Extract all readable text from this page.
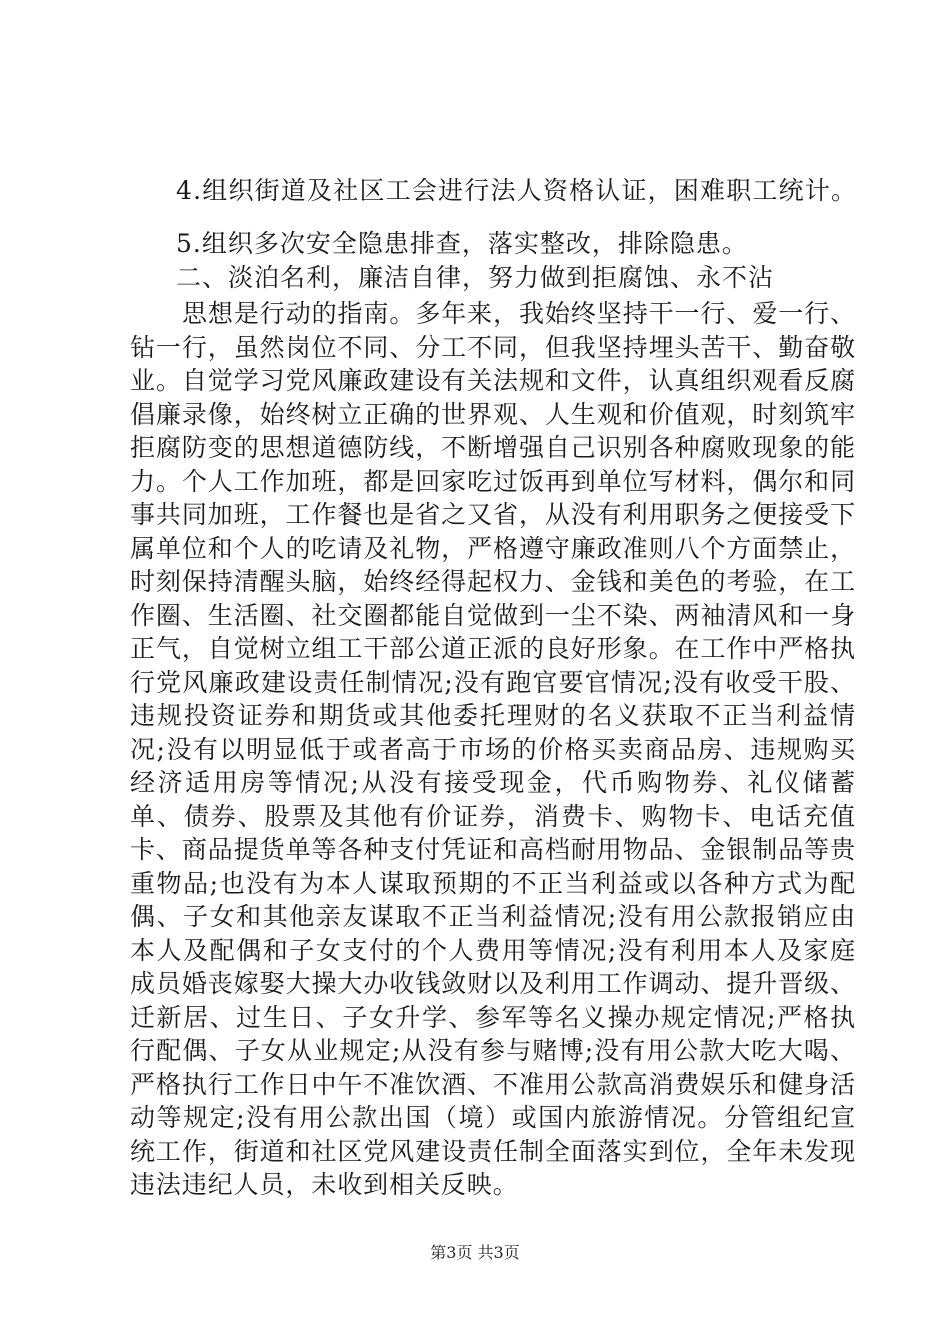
4.组织街道及社区工会进行法人资格认证，困难职工统计。
5.组织多次安全隐患排查，落实整改，排除隐患。
二、淡泊名利，廉洁自律，努力做到拒腐蚀、永不沾
思想是行动的指南。多年来，我始终坚持干一行、爱一行、钻一行，虽然岗位不同、分工不同，但我坚持埋头苦干、勤奋敬业。自觉学习党风廉政建设有关法规和文件，认真组织观看反腐倡廉录像，始终树立正确的世界观、人生观和价值观，时刻筑牢拒腐防变的思想道德防线，不断增强自己识别各种腐败现象的能力。个人工作加班，都是回家吃过饭再到单位写材料，偶尔和同事共同加班，工作餐也是省之又省，从没有利用职务之便接受下属单位和个人的吃请及礼物，严格遵守廉政准则八个方面禁止，时刻保持清醒头脑，始终经得起权力、金钱和美色的考验，在工作圈、生活圈、社交圈都能自觉做到一尘不染、两袖清风和一身正气，自觉树立组工干部公道正派的良好形象。在工作中严格执行党风廉政建设责任制情况;没有跑官要官情况;没有收受干股、违规投资证券和期货或其他委托理财的名义获取不正当利益情况;没有以明显低于或者高于市场的价格买卖商品房、违规购买经济适用房等情况;从没有接受现金，代币购物券、礼仪储蓄单、债券、股票及其他有价证券，消费卡、购物卡、电话充值卡、商品提货单等各种支付凭证和高档耐用物品、金银制品等贵重物品;也没有为本人谋取预期的不正当利益或以各种方式为配偶、子女和其他亲友谋取不正当利益情况;没有用公款报销应由本人及配偶和子女支付的个人费用等情况;没有利用本人及家庭成员婚丧嫁娶大操大办收钱敛财以及利用工作调动、提升晋级、迁新居、过生日、子女升学、参军等名义操办规定情况;严格执行配偶、子女从业规定;从没有参与赌博;没有用公款大吃大喝、严格执行工作日中午不准饮酒、不准用公款高消费娱乐和健身活动等规定;没有用公款出国（境）或国内旅游情况。分管组纪宣统工作，街道和社区党风建设责任制全面落实到位，全年未发现违法违纪人员，未收到相关反映。
第3页 共3页
